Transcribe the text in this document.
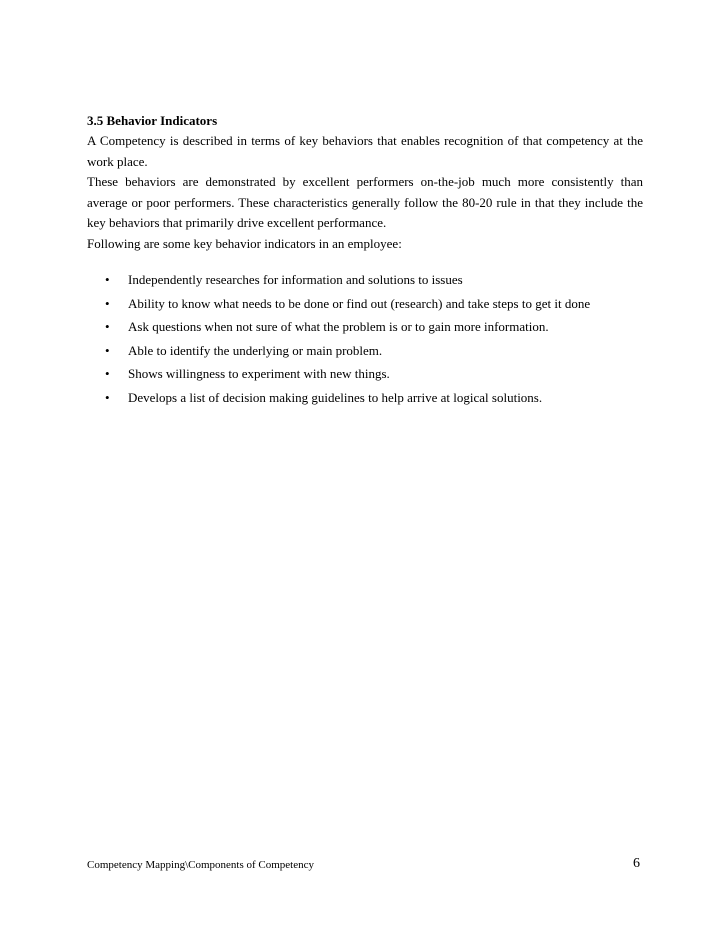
3.5 Behavior Indicators

A Competency is described in terms of key behaviors that enables recognition of that competency at the work place.

These behaviors are demonstrated by excellent performers on-the-job much more consistently than average or poor performers. These characteristics generally follow the 80-20 rule in that they include the key behaviors that primarily drive excellent performance.

Following are some key behavior indicators in an employee:

• Independently researches for information and solutions to issues
• Ability to know what needs to be done or find out (research) and take steps to get it done
• Ask questions when not sure of what the problem is or to gain more information.
• Able to identify the underlying or main problem.
• Shows willingness to experiment with new things.
• Develops a list of decision making guidelines to help arrive at logical solutions.
Competency Mapping\Components of Competency	6
